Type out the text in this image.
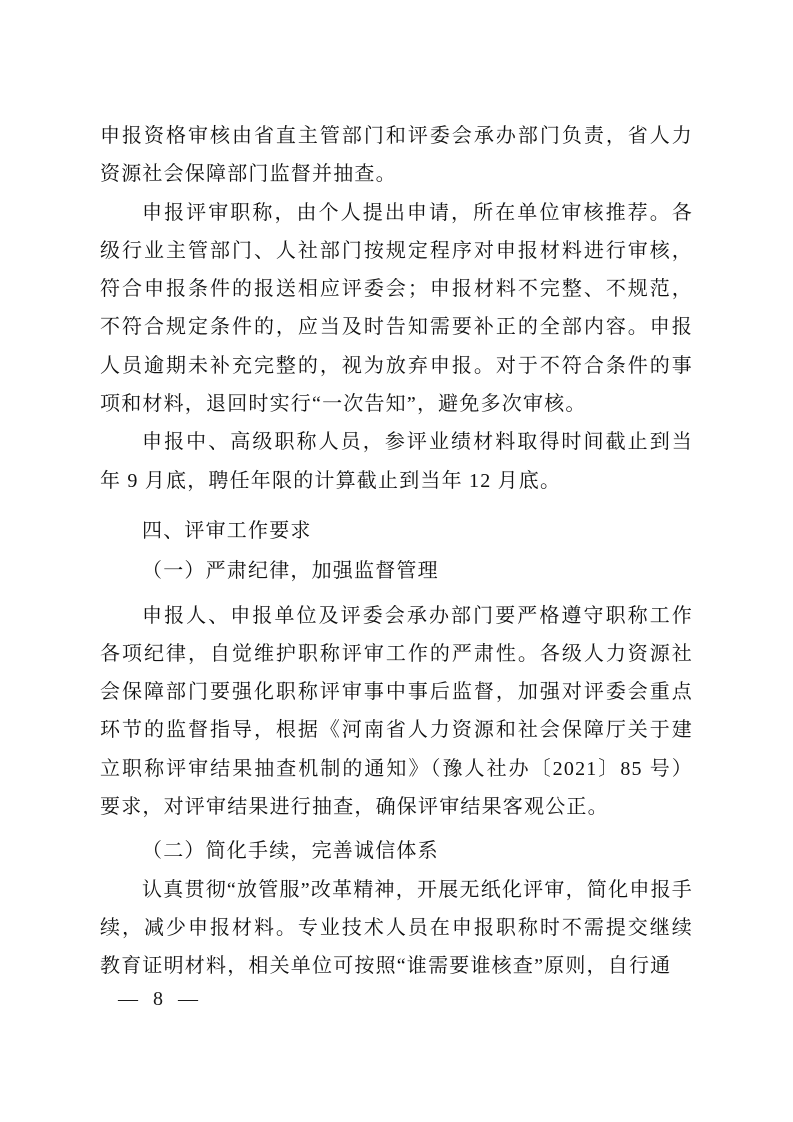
申报资格审核由省直主管部门和评委会承办部门负责，省人力资源社会保障部门监督并抽查。

申报评审职称，由个人提出申请，所在单位审核推荐。各级行业主管部门、人社部门按规定程序对申报材料进行审核，符合申报条件的报送相应评委会；申报材料不完整、不规范，不符合规定条件的，应当及时告知需要补正的全部内容。申报人员逾期未补充完整的，视为放弃申报。对于不符合条件的事项和材料，退回时实行“一次告知”，避免多次审核。

申报中、高级职称人员，参评业绩材料取得时间截止到当年 9 月底，聘任年限的计算截止到当年 12 月底。

四、评审工作要求
（一）严肃纪律，加强监督管理

申报人、申报单位及评委会承办部门要严格遵守职称工作各项纪律，自觉维护职称评审工作的严肃性。各级人力资源社会保障部门要强化职称评审事中事后监督，加强对评委会重点环节的监督指导，根据《河南省人力资源和社会保障厅关于建立职称评审结果抽查机制的通知》（豫人社办〔2021〕85 号）要求，对评审结果进行抽查，确保评审结果客观公正。

（二）简化手续，完善诚信体系

认真贯彻“放管服”改革精神，开展无纸化评审，简化申报手续，减少申报材料。专业技术人员在申报职称时不需提交继续教育证明材料，相关单位可按照“谁需要谁核查”原则，自行通

— 8 —
